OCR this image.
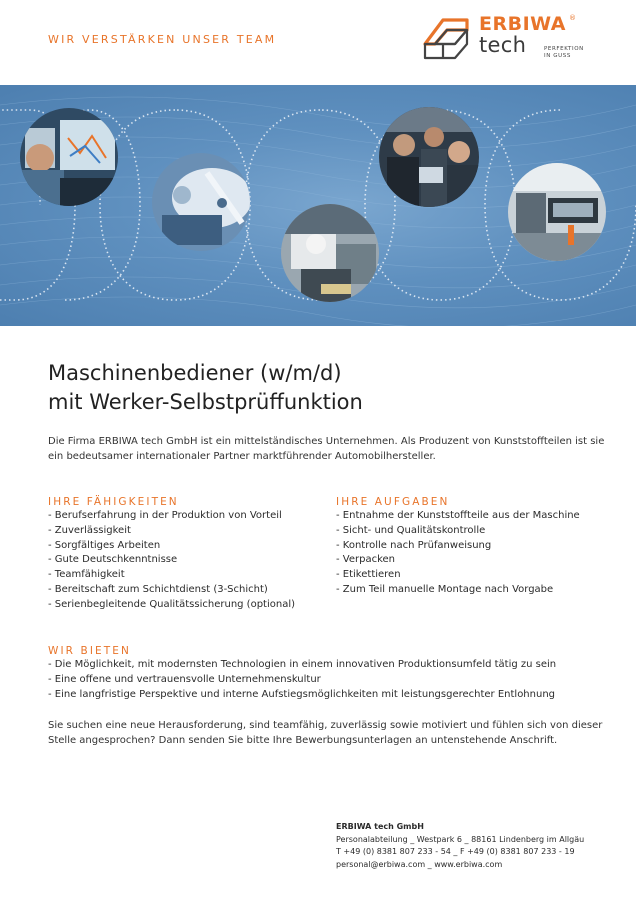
WIR VERSTÄRKEN UNSER TEAM
ERBIWA ®
tech	PERFEKTION
IN GUSS
Maschinenbediener (w/m/d)
mit Werker-Selbstprüffunktion

Die Firma ERBIWA tech GmbH ist ein mittelständisches Unternehmen. Als Produzent von Kunststoffteilen ist sie ein bedeutsamer internationaler Partner marktführender Automobilhersteller.

IHRE FÄHIGKEITEN
- Berufserfahrung in der Produktion von Vorteil
- Zuverlässigkeit
- Sorgfältiges Arbeiten
- Gute Deutschkenntnisse
- Teamfähigkeit
- Bereitschaft zum Schichtdienst (3-Schicht)
- Serienbegleitende Qualitätssicherung (optional)
IHRE AUFGABEN
- Entnahme der Kunststoffteile aus der Maschine
- Sicht- und Qualitätskontrolle
- Kontrolle nach Prüfanweisung
- Verpacken
- Etikettieren
- Zum Teil manuelle Montage nach Vorgabe
WIR BIETEN
- Die Möglichkeit, mit modernsten Technologien in einem innovativen Produktionsumfeld tätig zu sein
- Eine offene und vertrauensvolle Unternehmenskultur
- Eine langfristige Perspektive und interne Aufstiegsmöglichkeiten mit leistungsgerechter Entlohnung

Sie suchen eine neue Herausforderung, sind teamfähig, zuverlässig sowie motiviert und fühlen sich von dieser Stelle angesprochen? Dann senden Sie bitte Ihre Bewerbungsunterlagen an untenstehende Anschrift.

ERBIWA tech GmbH
Personalabteilung _ Westpark 6 _ 88161 Lindenberg im Allgäu
T +49 (0) 8381 807 233 - 54 _ F +49 (0) 8381 807 233 - 19
personal@erbiwa.com _ www.erbiwa.com
